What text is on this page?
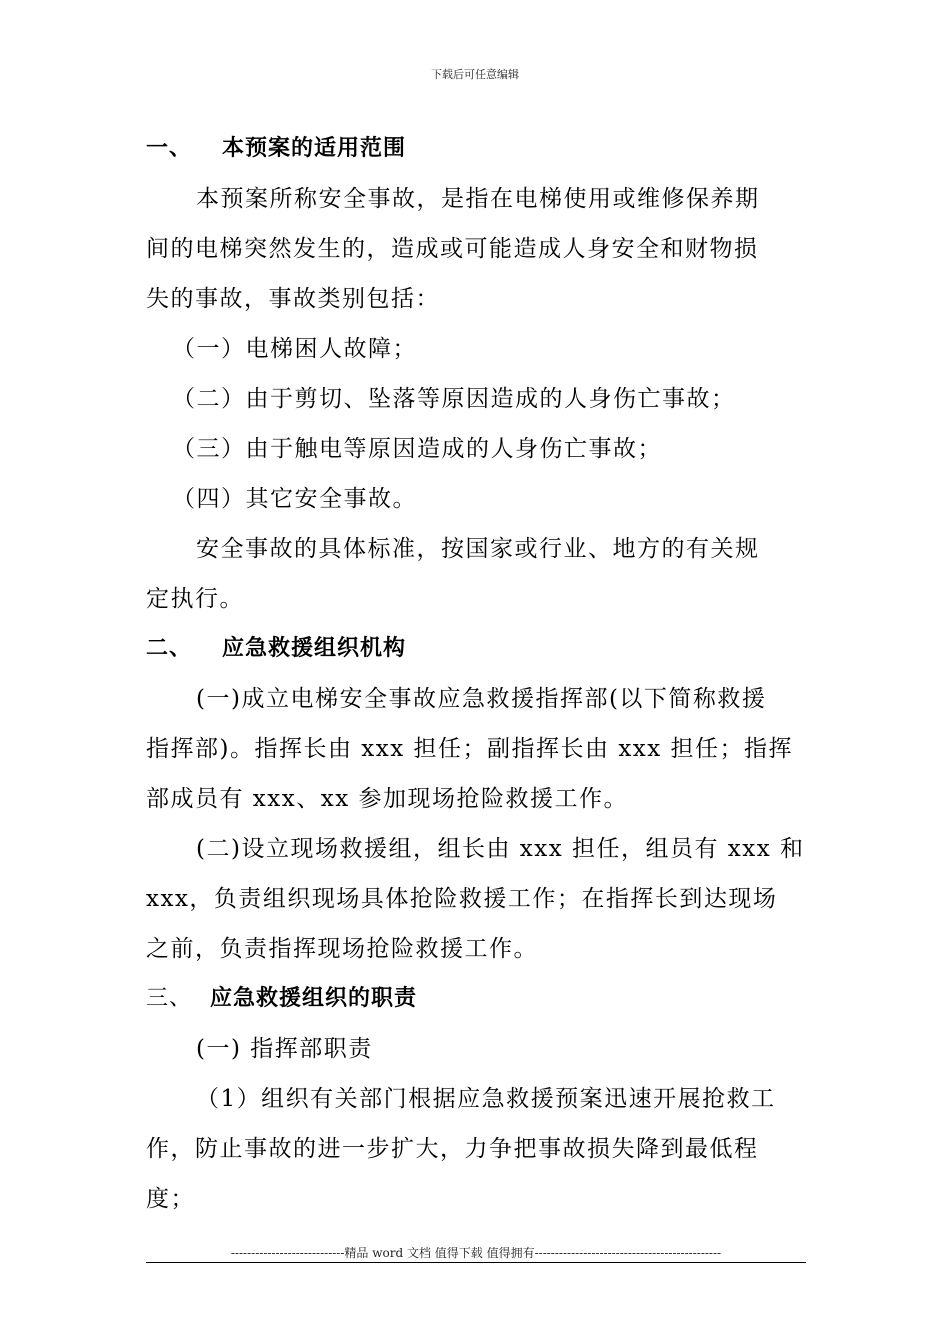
下载后可任意编辑
一、 本预案的适用范围
本预案所称安全事故，是指在电梯使用或维修保养期
间的电梯突然发生的，造成或可能造成人身安全和财物损
失的事故，事故类别包括：
（一）电梯困人故障；
（二）由于剪切、坠落等原因造成的人身伤亡事故；
（三）由于触电等原因造成的人身伤亡事故；
（四）其它安全事故。
安全事故的具体标准，按国家或行业、地方的有关规
定执行。
二、 应急救援组织机构
(一)成立电梯安全事故应急救援指挥部(以下简称救援
指挥部)。指挥长由 xxx 担任；副指挥长由 xxx 担任；指挥
部成员有 xxx、xx 参加现场抢险救援工作。
(二)设立现场救援组，组长由 xxx 担任，组员有 xxx 和
xxx，负责组织现场具体抢险救援工作；在指挥长到达现场
之前，负责指挥现场抢险救援工作。
三、 应急救援组织的职责
(一) 指挥部职责
（1）组织有关部门根据应急救援预案迅速开展抢救工
作，防止事故的进一步扩大，力争把事故损失降到最低程
度；
----------------------------精品 word 文档 值得下载 值得拥有----------------------------------------------
